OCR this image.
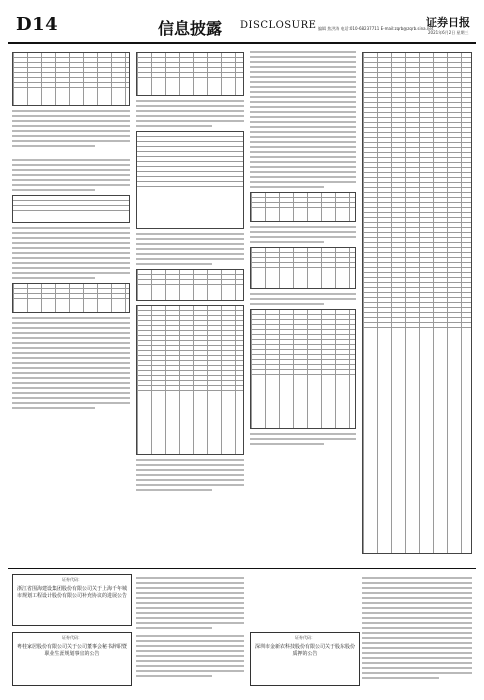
D14	信息披露 DISCLOSURE 编辑 焦洪涛 电话:010-68237711 E-mail:zqrb@zqrb.sina.net
证券日报
2021年6月2日 星期三
证券代码：
浙江省围海建设集团股份有限公司关于上海千年城市规划工程设计股份有限公司补充协议的进展公告
证券代码：
粤桂家居股份有限公司关于公司董事会秘书辞职暨职业生涯规划事宜的公告
证券代码：
深圳市金新农科技股份有限公司关于股东股份质押的公告
